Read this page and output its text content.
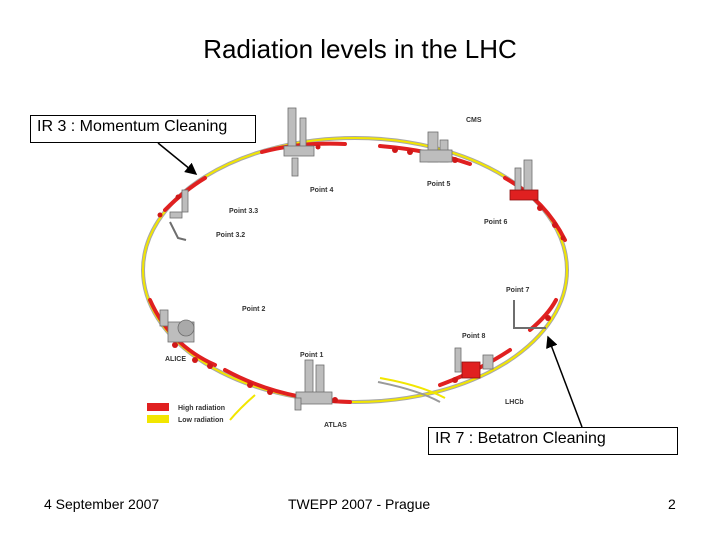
Radiation levels in the LHC
CMS
Point 5
Point 4
Point 6
Point 3.3
Point 3.2
Point 7
Point 2
Point 8
Point 1
ALICE
LHCb
ATLAS
High radiation
Low radiation
IR 3 : Momentum Cleaning
IR 7 : Betatron Cleaning
4 September 2007	TWEPP 2007 - Prague	2
